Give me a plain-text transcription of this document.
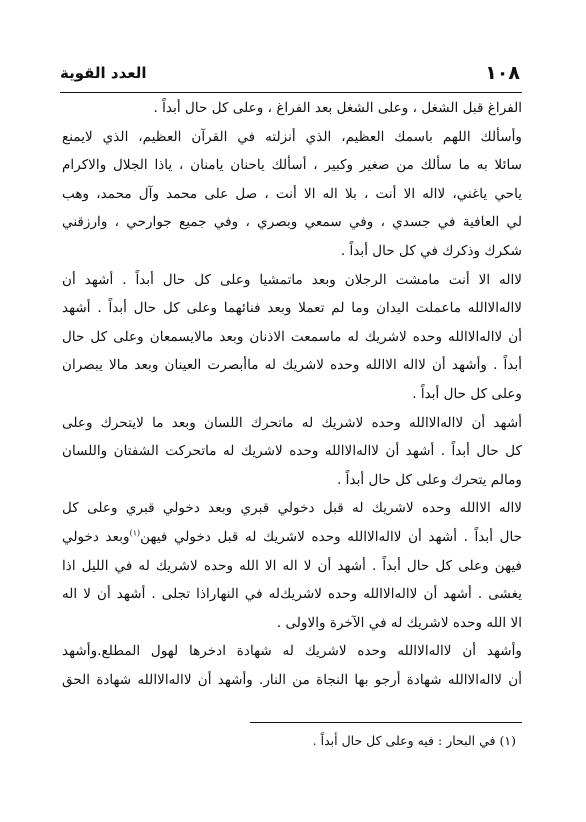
١٠٨
العدد القوية
الفراغ قبل الشغل ، وعلى الشغل بعد الفراغ ، وعلى كل حال أبداً .
وأسألك اللهم باسمك العظيم، الذي أنزلته في القرآن العظيم، الذي لايمنع
سائلا به ما سألك من صغير وكبير ، أسألك ياحنان يامنان ، ياذا الجلال والاكرام
ياحي ياغني، لااله الا أنت ، بلا اله الا أنت ، صل على محمد وآل محمد، وهب
لي العافية في جسدي ، وفي سمعي وبصري ، وفي جميع جوارحي ، وارزقني
شكرك وذكرك في كل حال أبداً .
لااله الا أنت مامشت الرجلان وبعد ماتمشيا وعلى كل حال أبداً . أشهد أن
لااله‌الاالله ماعملت اليدان وما لم تعملا وبعد فنائهما وعلى كل حال أبداً . أشهد
أن لااله‌الاالله وحده لاشريك له ماسمعت الاذنان وبعد مالايسمعان وعلى كل حال
أبداً . وأشهد أن لااله الاالله وحده لاشريك له ماأبصرت العينان وبعد مالا يبصران
وعلى كل حال أبداً .
أشهد أن لااله‌الاالله وحده لاشريك له ماتحرك اللسان وبعد ما لايتحرك وعلى
كل حال أبداً . أشهد أن لااله‌الاالله وحده لاشريك له ماتحركت الشفتان واللسان
ومالم يتحرك وعلى كل حال أبداً .
لااله الاالله وحده لاشريك له قبل دخولي قبري وبعد دخولي قبري وعلى كل
حال أبداً . أشهد أن لااله‌الاالله وحده لاشريك له قبل دخولي فيهن$^{(١)}$وبعد دخولي
فيهن وعلى كل حال أبداً . أشهد أن لا اله الا الله وحده لاشريك له في الليل اذا
يغشى . أشهد أن لااله‌الاالله وحده لاشريك‌له في النهاراذا تجلى . أشهد أن لا اله
الا الله وحده لاشريك له في الآخرة والاولى .
وأشهد أن لااله‌الاالله وحده لاشريك له شهادة ادخرها لهول المطلع.وأشهد
أن لااله‌الاالله شهادة أرجو بها النجاة من النار. وأشهد أن لااله‌الاالله شهادة الحق
(١) في البحار : فيه وعلى كل حال أبداً .
